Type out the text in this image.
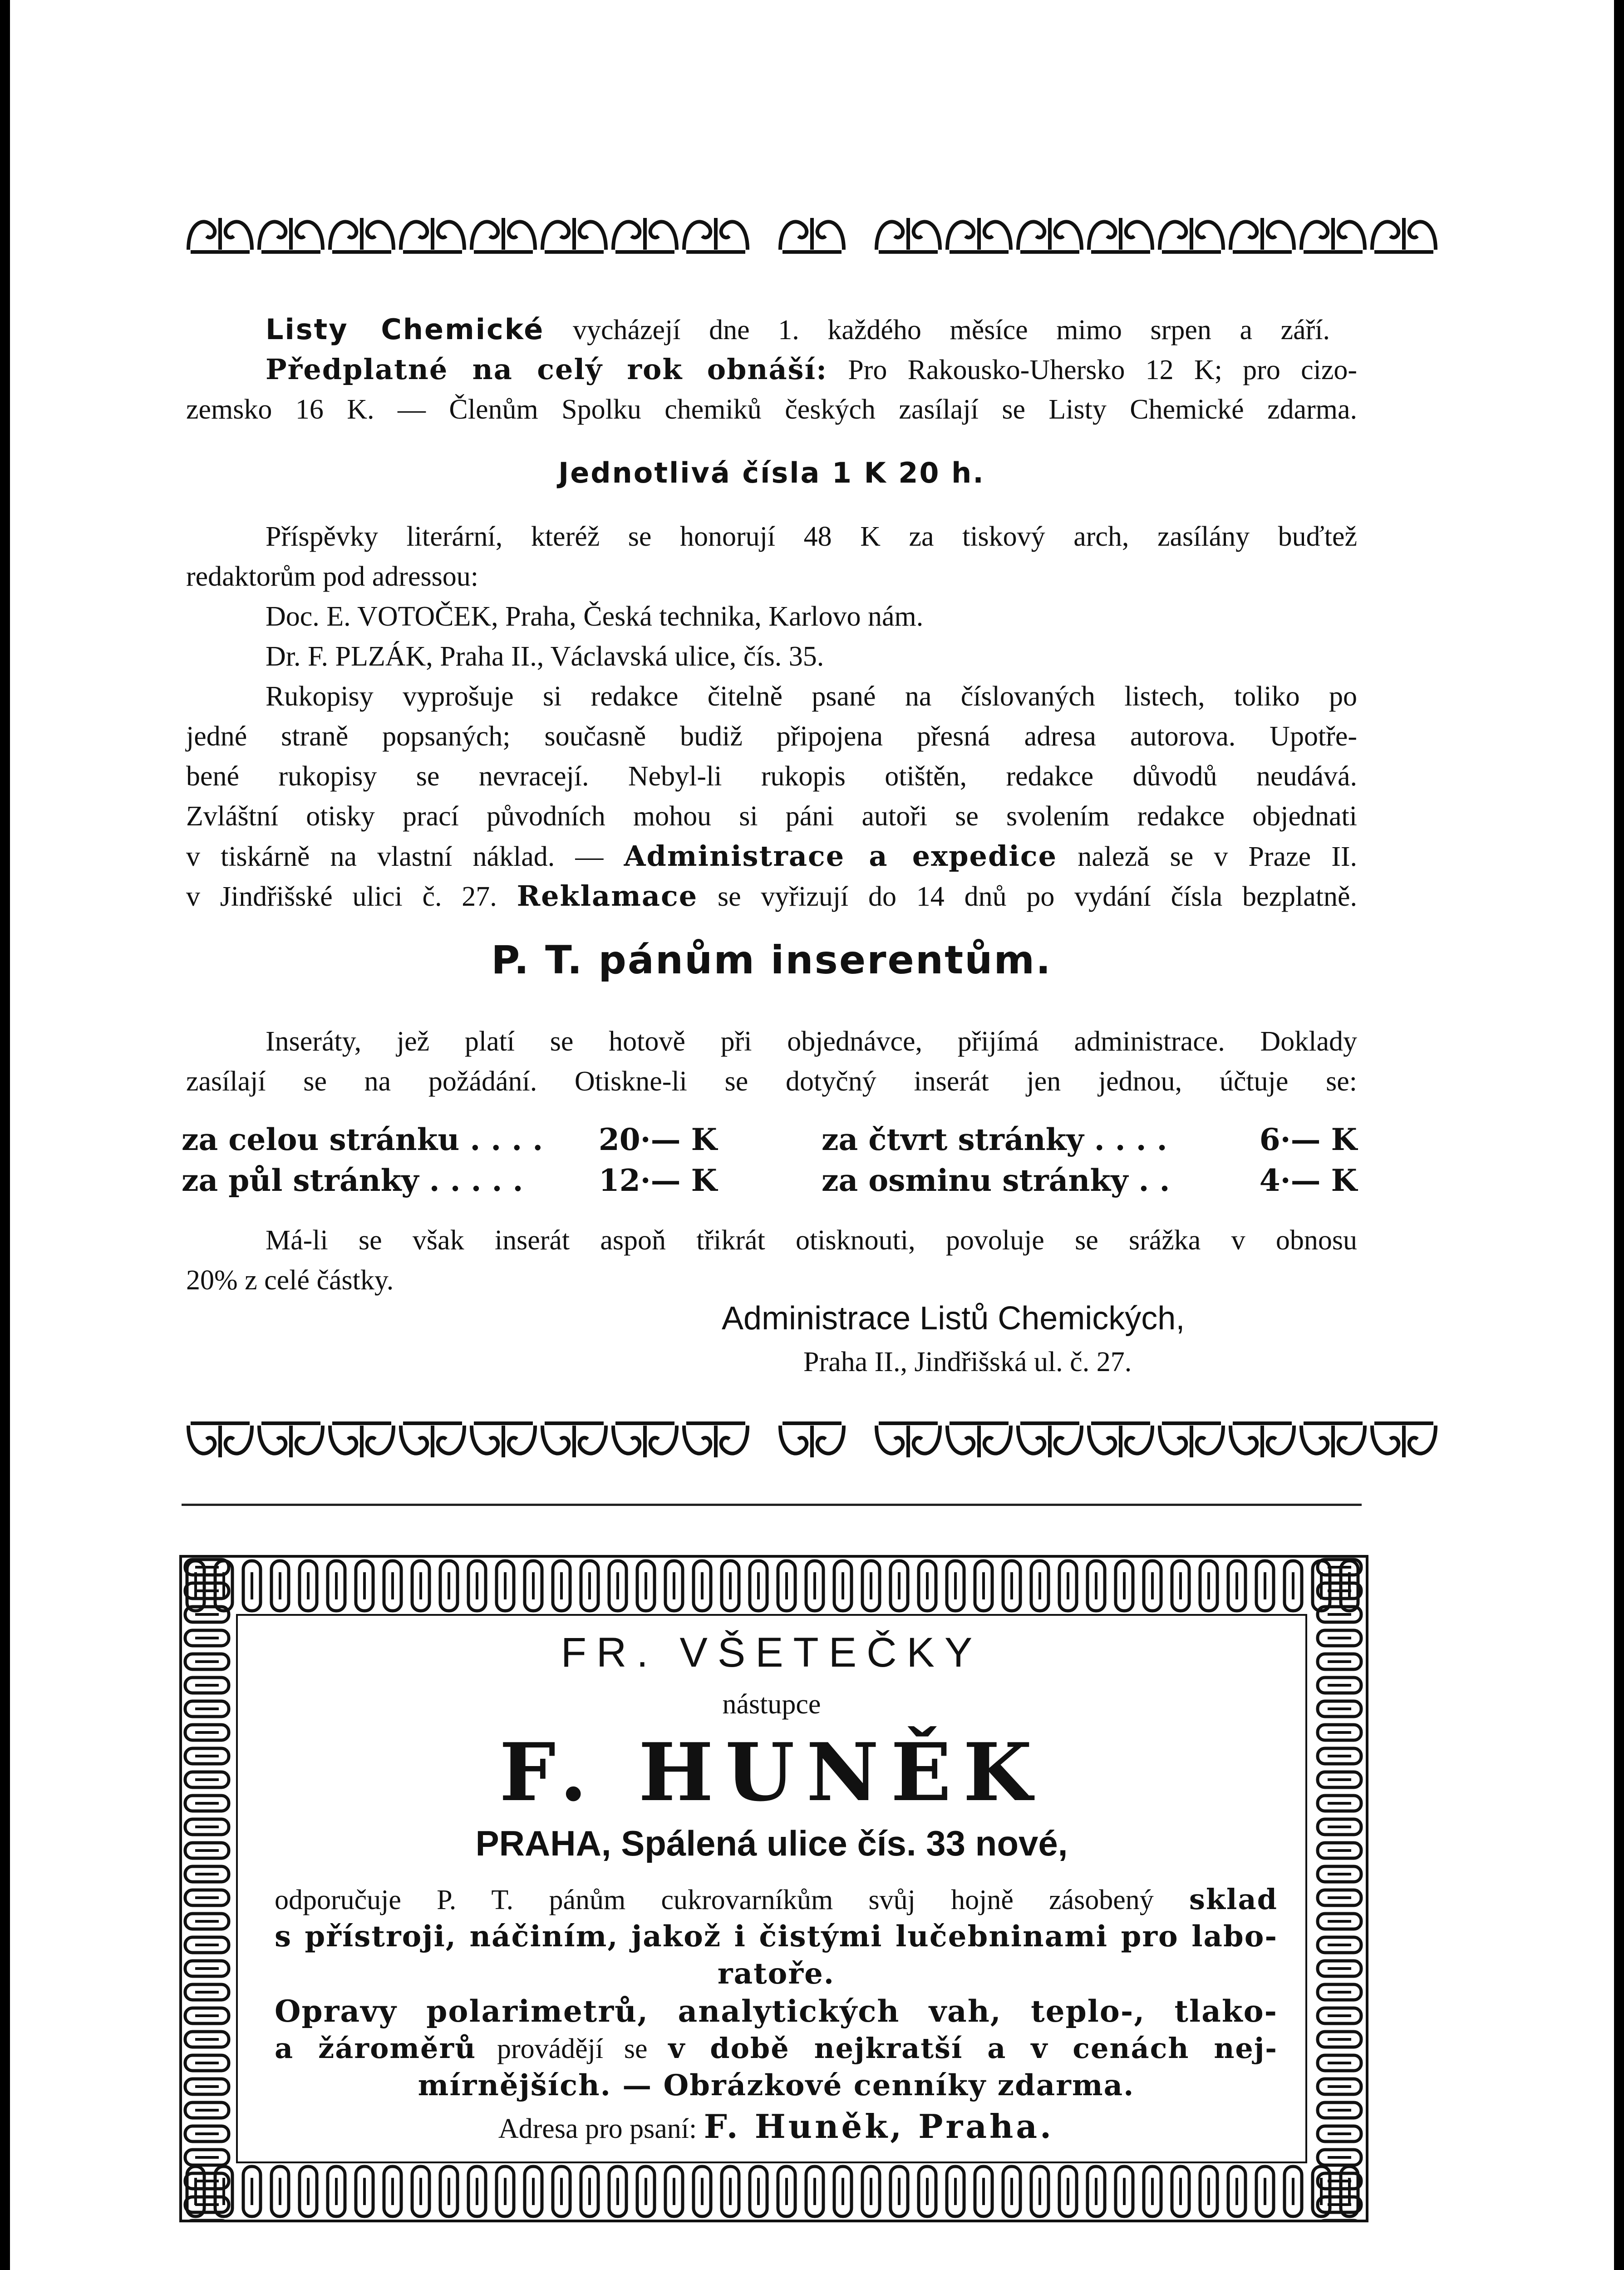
Listy Chemické vycházejí dne 1. každého měsíce mimo srpen a září.
Předplatné na celý rok obnáší: Pro Rakousko-Uhersko 12 K; pro cizo-
zemsko 16 K. — Členům Spolku chemiků českých zasílají se Listy Chemické zdarma.
Jednotlivá čísla 1 K 20 h.
Příspěvky literární, kteréž se honorují 48 K za tiskový arch, zasílány buďtež
redaktorům pod adressou:
Doc. E. VOTOČEK, Praha, Česká technika, Karlovo nám.
Dr. F. PLZÁK, Praha II., Václavská ulice, čís. 35.
Rukopisy vyprošuje si redakce čitelně psané na číslovaných listech, toliko po
jedné straně popsaných; současně budiž připojena přesná adresa autorova. Upotře-
bené rukopisy se nevracejí. Nebyl-li rukopis otištěn, redakce důvodů neudává.
Zvláštní otisky prací původních mohou si páni autoři se svolením redakce objednati
v tiskárně na vlastní náklad. — Administrace a expedice naleză se v Praze II.
v Jindřišské ulici č. 27. Reklamace se vyřizují do 14 dnů po vydání čísla bezplatně.
P. T. pánům inserentům.
Inseráty, jež platí se hotově při objednávce, přijímá administrace. Doklady
zasílají se na požádání. Otiskne-li se dotyčný inserát jen jednou, účtuje se:
za celou stránku . . . . 20·— K	za čtvrt stránky . . . .	6·— K
za půl stránky . . . . .	12·— K	za osminu stránky . .	4·— K
Má-li se však inserát aspoň třikrát otisknouti, povoluje se srážka v obnosu
20% z celé částky.
Administrace Listů Chemických,
Praha II., Jindřišská ul. č. 27.
FR. VŠETEČKY
nástupce
F. HUNĚK
PRAHA, Spálená ulice čís. 33 nové,
odporučuje P. T. pánům cukrovarníkům svůj hojně zásobený sklad
s přístroji, náčiním, jakož i čistými lučebninami pro labo-
ratoře.
Opravy polarimetrů, analytických vah, teplo-, tlako-
a žároměrů provádějí se v době nejkratší a v cenách nej-
mírnějších. — Obrázkové cenníky zdarma.
Adresa pro psaní: F. Huněk, Praha.
